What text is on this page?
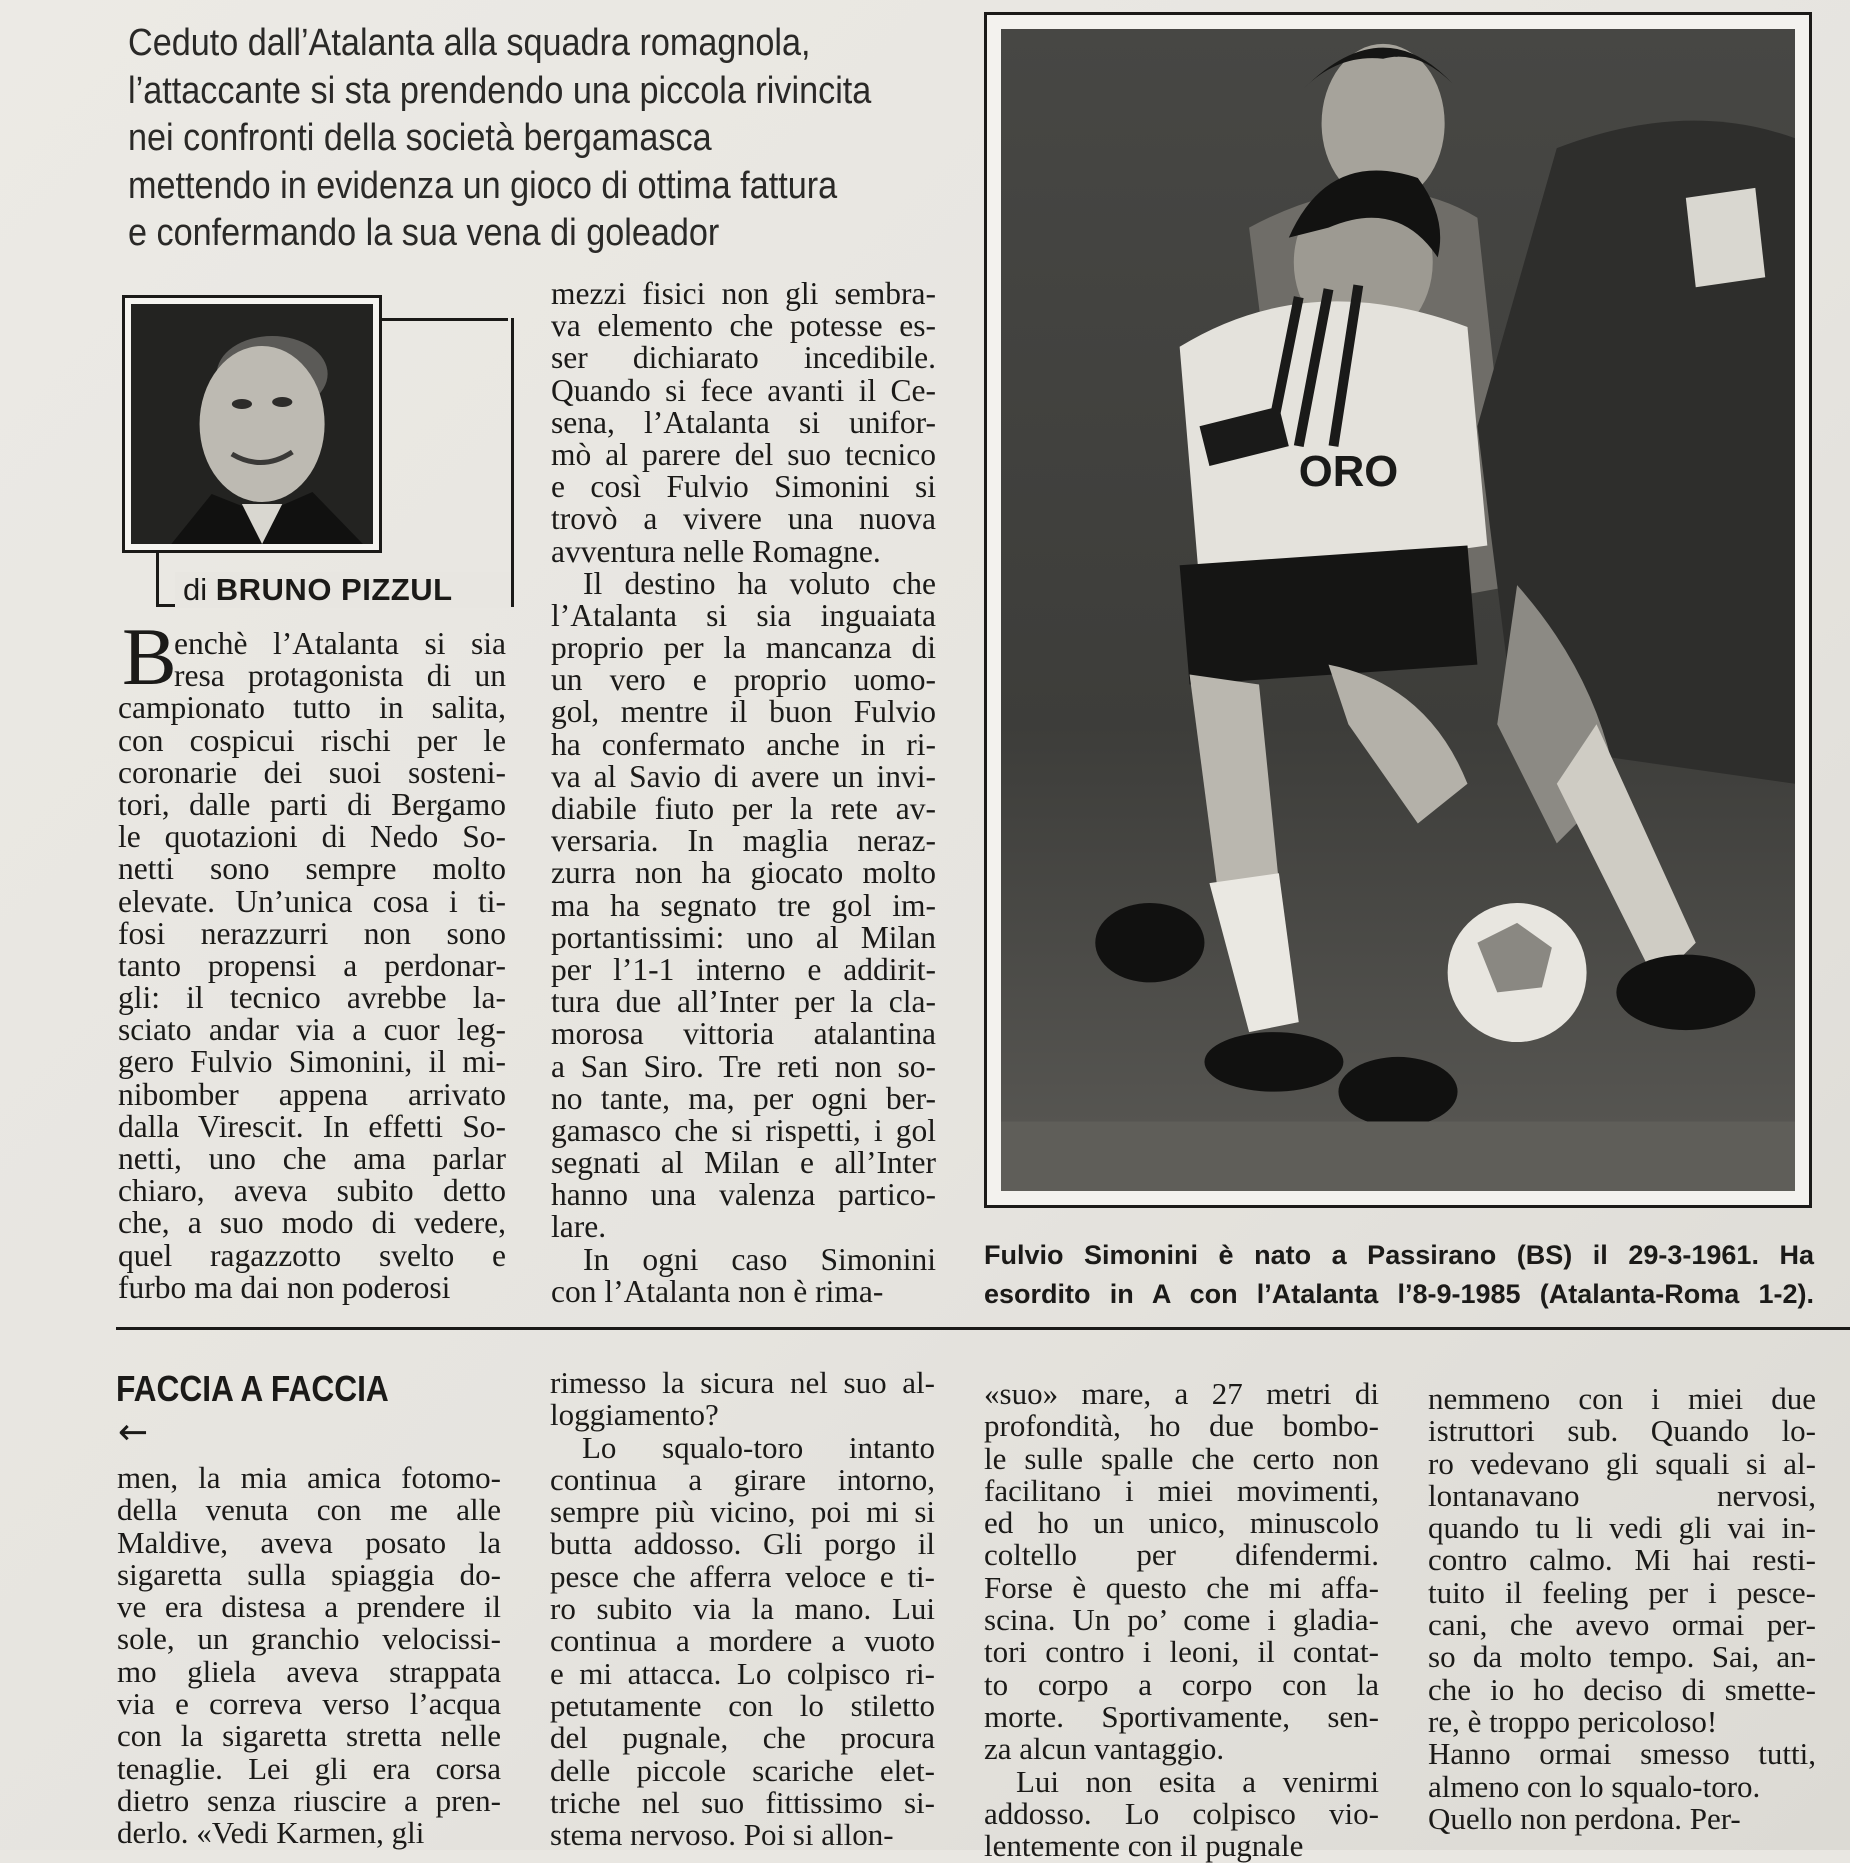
Ceduto dall’Atalanta alla squadra romagnola,
l’attaccante si sta prendendo una piccola rivincita
nei confronti della società bergamasca
mettendo in evidenza un gioco di ottima fattura
e confermando la sua vena di goleador
di BRUNO PIZZUL
B
enchè l’Atalanta si sia
resa protagonista di un
campionato tutto in salita,
con cospicui rischi per le
coronarie dei suoi sosteni-
tori, dalle parti di Bergamo
le quotazioni di Nedo So-
netti sono sempre molto
elevate. Un’unica cosa i ti-
fosi nerazzurri non sono
tanto propensi a perdonar-
gli: il tecnico avrebbe la-
sciato andar via a cuor leg-
gero Fulvio Simonini, il mi-
nibomber appena arrivato
dalla Virescit. In effetti So-
netti, uno che ama parlar
chiaro, aveva subito detto
che, a suo modo di vedere,
quel ragazzotto svelto e
furbo ma dai non poderosi
mezzi fisici non gli sembra-
va elemento che potesse es-
ser dichiarato incedibile.
Quando si fece avanti il Ce-
sena, l’Atalanta si unifor-
mò al parere del suo tecnico
e così Fulvio Simonini si
trovò a vivere una nuova
avventura nelle Romagne.
Il destino ha voluto che
l’Atalanta si sia inguaiata
proprio per la mancanza di
un vero e proprio uomo-
gol, mentre il buon Fulvio
ha confermato anche in ri-
va al Savio di avere un invi-
diabile fiuto per la rete av-
versaria. In maglia neraz-
zurra non ha giocato molto
ma ha segnato tre gol im-
portantissimi: uno al Milan
per l’1-1 interno e addirit-
tura due all’Inter per la cla-
morosa vittoria atalantina
a San Siro. Tre reti non so-
no tante, ma, per ogni ber-
gamasco che si rispetti, i gol
segnati al Milan e all’Inter
hanno una valenza partico-
lare.
In ogni caso Simonini
con l’Atalanta non è rima-
ORO
Fulvio Simonini è nato a Passirano (BS) il 29-3-1961. Ha
esordito in A con l’Atalanta l’8-9-1985 (Atalanta-Roma 1-2).
FACCIA A FACCIA
←
men, la mia amica fotomo-
della venuta con me alle
Maldive, aveva posato la
sigaretta sulla spiaggia do-
ve era distesa a prendere il
sole, un granchio velocissi-
mo gliela aveva strappata
via e correva verso l’acqua
con la sigaretta stretta nelle
tenaglie. Lei gli era corsa
dietro senza riuscire a pren-
derlo. «Vedi Karmen, gli
rimesso la sicura nel suo al-
loggiamento?
Lo squalo-toro intanto
continua a girare intorno,
sempre più vicino, poi mi si
butta addosso. Gli porgo il
pesce che afferra veloce e ti-
ro subito via la mano. Lui
continua a mordere a vuoto
e mi attacca. Lo colpisco ri-
petutamente con lo stiletto
del pugnale, che procura
delle piccole scariche elet-
triche nel suo fittissimo si-
stema nervoso. Poi si allon-
«suo» mare, a 27 metri di
profondità, ho due bombo-
le sulle spalle che certo non
facilitano i miei movimenti,
ed ho un unico, minuscolo
coltello per difendermi.
Forse è questo che mi affa-
scina. Un po’ come i gladia-
tori contro i leoni, il contat-
to corpo a corpo con la
morte. Sportivamente, sen-
za alcun vantaggio.
Lui non esita a venirmi
addosso. Lo colpisco vio-
lentemente con il pugnale
nemmeno con i miei due
istruttori sub. Quando lo-
ro vedevano gli squali si al-
lontanavano nervosi,
quando tu li vedi gli vai in-
contro calmo. Mi hai resti-
tuito il feeling per i pesce-
cani, che avevo ormai per-
so da molto tempo. Sai, an-
che io ho deciso di smette-
re, è troppo pericoloso!
Hanno ormai smesso tutti,
almeno con lo squalo-toro.
Quello non perdona. Per-
